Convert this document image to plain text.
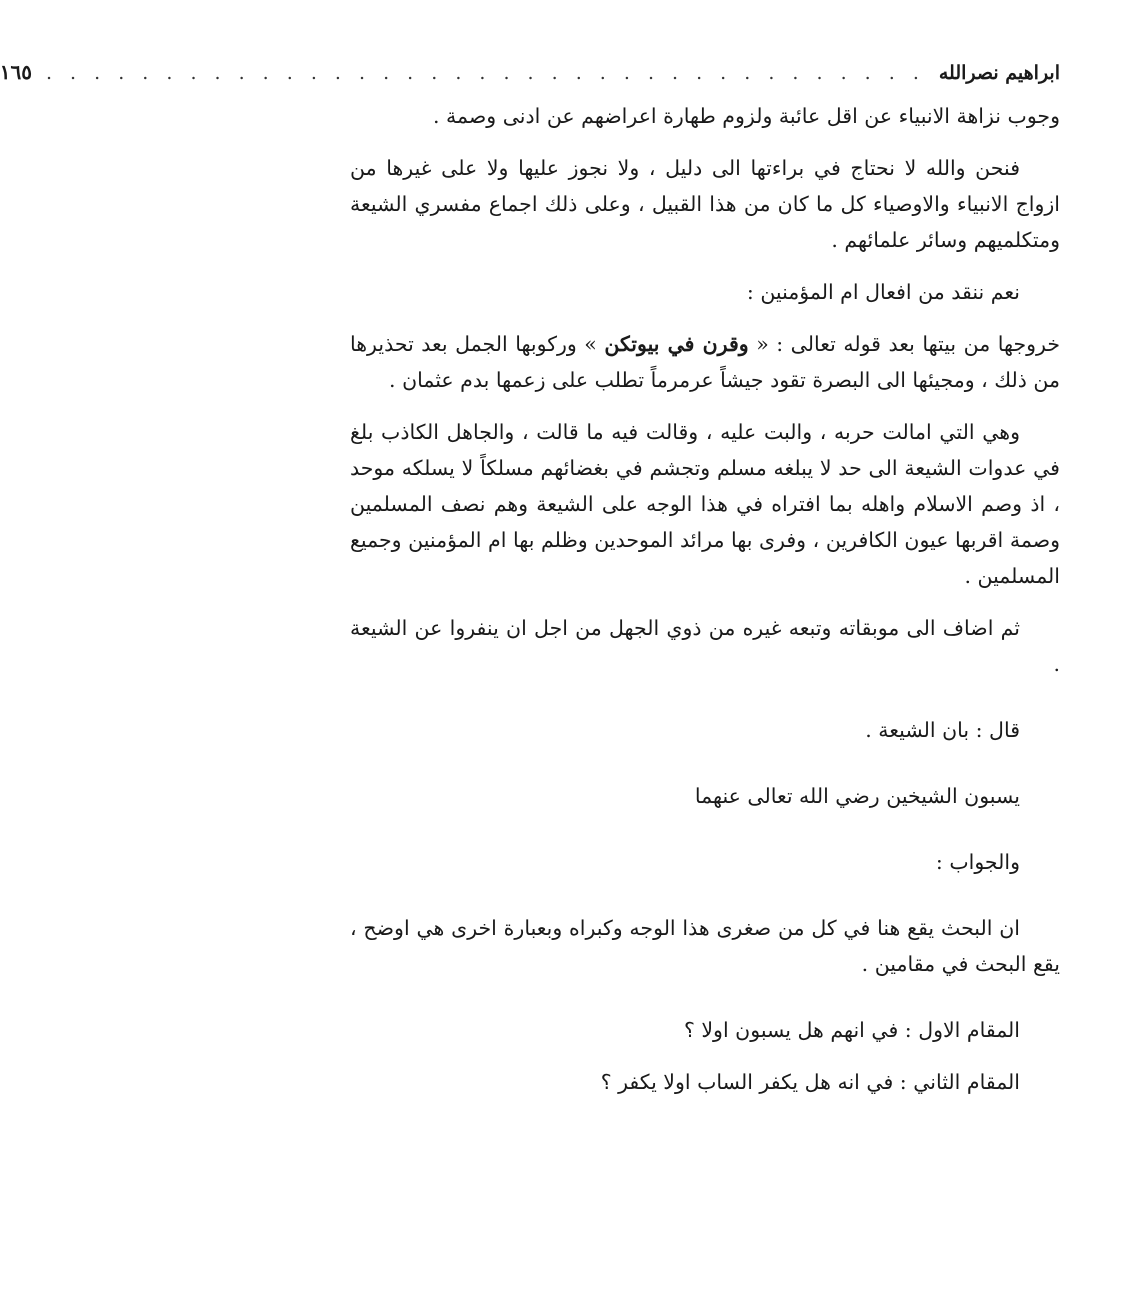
ابراهيم نصرالله
. . . . . . . . . . . . . . . . . . . . . . . . . . . . . . . . . . . . .
١٦٥

وجوب نزاهة الانبياء عن اقل عائبة ولزوم طهارة اعراضهم عن ادنى وصمة .

فنحن والله لا نحتاج في براءتها الى دليل ، ولا نجوز عليها ولا على غيرها من ازواج الانبياء والاوصياء كل ما كان من هذا القبيل ، وعلى ذلك اجماع مفسري الشيعة ومتكلميهم وسائر علمائهم .

نعم ننقد من افعال ام المؤمنين :

خروجها من بيتها بعد قوله تعالى : « وقرن في بيوتكن » وركوبها الجمل بعد تحذيرها من ذلك ، ومجيئها الى البصرة تقود جيشاً عرمرماً تطلب على زعمها بدم عثمان .

وهي التي امالت حربه ، والبت عليه ، وقالت فيه ما قالت ، والجاهل الكاذب بلغ في عدوات الشيعة الى حد لا يبلغه مسلم وتجشم في بغضائهم مسلكاً لا يسلكه موحد ، اذ وصم الاسلام واهله بما افتراه في هذا الوجه على الشيعة وهم نصف المسلمين وصمة اقربها عيون الكافرين ، وفرى بها مرائد الموحدين وظلم بها ام المؤمنين وجميع المسلمين .

ثم اضاف الى موبقاته وتبعه غيره من ذوي الجهل من اجل ان ينفروا عن الشيعة .

قال : بان الشيعة .

يسبون الشيخين رضي الله تعالى عنهما

والجواب :

ان البحث يقع هنا في كل من صغرى هذا الوجه وكبراه وبعبارة اخرى هي اوضح ، يقع البحث في مقامين .

المقام الاول : في انهم هل يسبون اولا ؟

المقام الثاني : في انه هل يكفر الساب اولا يكفر ؟
